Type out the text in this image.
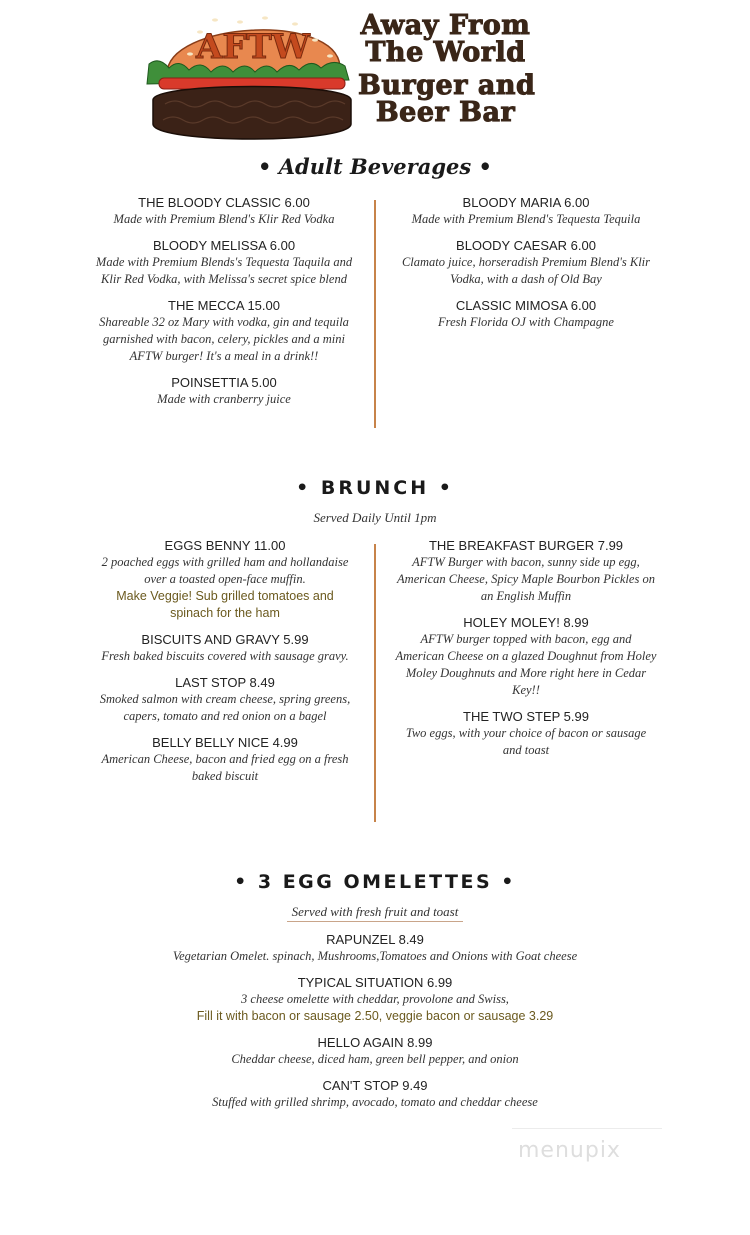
AFTW
Away From
The World
Burger and
Beer Bar
• Adult Beverages •
THE BLOODY CLASSIC 6.00
Made with Premium Blend's Klir Red Vodka
BLOODY MELISSA 6.00
Made with Premium Blends's Tequesta Taquila and Klir Red Vodka, with Melissa's secret spice blend
THE MECCA 15.00
Shareable 32 oz Mary with vodka, gin and tequila garnished with bacon, celery, pickles and a mini AFTW burger! It's a meal in a drink!!
POINSETTIA 5.00
Made with cranberry juice
BLOODY MARIA 6.00
Made with Premium Blend's Tequesta Tequila
BLOODY CAESAR 6.00
Clamato juice, horseradish Premium Blend's Klir Vodka, with a dash of Old Bay
CLASSIC MIMOSA 6.00
Fresh Florida OJ with Champagne
• BRUNCH •
Served Daily Until 1pm
EGGS BENNY 11.00
2 poached eggs with grilled ham and hollandaise over a toasted open-face muffin.
Make Veggie! Sub grilled tomatoes and spinach for the ham
BISCUITS AND GRAVY 5.99
Fresh baked biscuits covered with sausage gravy.
LAST STOP 8.49
Smoked salmon with cream cheese, spring greens, capers, tomato and red onion on a bagel
BELLY BELLY NICE 4.99
American Cheese, bacon and fried egg on a fresh baked biscuit
THE BREAKFAST BURGER 7.99
AFTW Burger with bacon, sunny side up egg, American Cheese, Spicy Maple Bourbon Pickles on an English Muffin
HOLEY MOLEY! 8.99
AFTW burger topped with bacon, egg and American Cheese on a glazed Doughnut from Holey Moley Doughnuts and More right here in Cedar Key!!
THE TWO STEP 5.99
Two eggs, with your choice of bacon or sausage and toast
• 3 EGG OMELETTES •
Served with fresh fruit and toast
RAPUNZEL 8.49
Vegetarian Omelet. spinach, Mushrooms,Tomatoes and Onions with Goat cheese
TYPICAL SITUATION 6.99
3 cheese omelette with cheddar, provolone and Swiss,
Fill it with bacon or sausage 2.50, veggie bacon or sausage 3.29
HELLO AGAIN 8.99
Cheddar cheese, diced ham, green bell pepper, and onion
CAN'T STOP 9.49
Stuffed with grilled shrimp, avocado, tomato and cheddar cheese
menupix
